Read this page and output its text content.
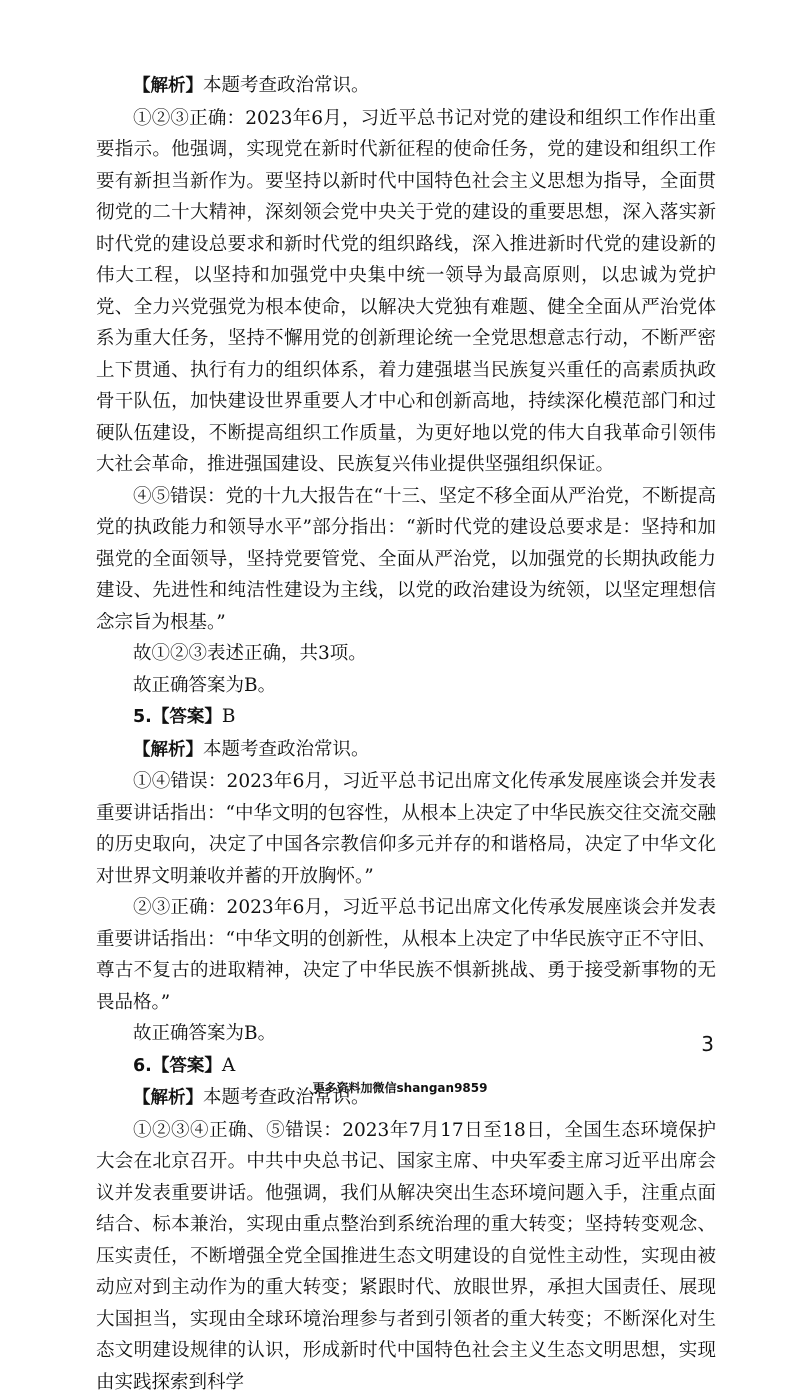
【解析】本题考查政治常识。

①②③正确：2023年6月，习近平总书记对党的建设和组织工作作出重要指示。他强调，实现党在新时代新征程的使命任务，党的建设和组织工作要有新担当新作为。要坚持以新时代中国特色社会主义思想为指导，全面贯彻党的二十大精神，深刻领会党中央关于党的建设的重要思想，深入落实新时代党的建设总要求和新时代党的组织路线，深入推进新时代党的建设新的伟大工程，以坚持和加强党中央集中统一领导为最高原则，以忠诚为党护党、全力兴党强党为根本使命，以解决大党独有难题、健全全面从严治党体系为重大任务，坚持不懈用党的创新理论统一全党思想意志行动，不断严密上下贯通、执行有力的组织体系，着力建强堪当民族复兴重任的高素质执政骨干队伍，加快建设世界重要人才中心和创新高地，持续深化模范部门和过硬队伍建设，不断提高组织工作质量，为更好地以党的伟大自我革命引领伟大社会革命，推进强国建设、民族复兴伟业提供坚强组织保证。

④⑤错误：党的十九大报告在“十三、坚定不移全面从严治党，不断提高党的执政能力和领导水平”部分指出：“新时代党的建设总要求是：坚持和加强党的全面领导，坚持党要管党、全面从严治党，以加强党的长期执政能力建设、先进性和纯洁性建设为主线，以党的政治建设为统领，以坚定理想信念宗旨为根基。”

故①②③表述正确，共3项。

故正确答案为B。

5.【答案】B

【解析】本题考查政治常识。

①④错误：2023年6月，习近平总书记出席文化传承发展座谈会并发表重要讲话指出：“中华文明的包容性，从根本上决定了中华民族交往交流交融的历史取向，决定了中国各宗教信仰多元并存的和谐格局，决定了中华文化对世界文明兼收并蓄的开放胸怀。”

②③正确：2023年6月，习近平总书记出席文化传承发展座谈会并发表重要讲话指出：“中华文明的创新性，从根本上决定了中华民族守正不守旧、尊古不复古的进取精神，决定了中华民族不惧新挑战、勇于接受新事物的无畏品格。”

故正确答案为B。

6.【答案】A

【解析】本题考查政治常识。

①②③④正确、⑤错误：2023年7月17日至18日，全国生态环境保护大会在北京召开。中共中央总书记、国家主席、中央军委主席习近平出席会议并发表重要讲话。他强调，我们从解决突出生态环境问题入手，注重点面结合、标本兼治，实现由重点整治到系统治理的重大转变；坚持转变观念、压实责任，不断增强全党全国推进生态文明建设的自觉性主动性，实现由被动应对到主动作为的重大转变；紧跟时代、放眼世界，承担大国责任、展现大国担当，实现由全球环境治理参与者到引领者的重大转变；不断深化对生态文明建设规律的认识，形成新时代中国特色社会主义生态文明思想，实现由实践探索到科学

3
更多资料加微信shangan9859
